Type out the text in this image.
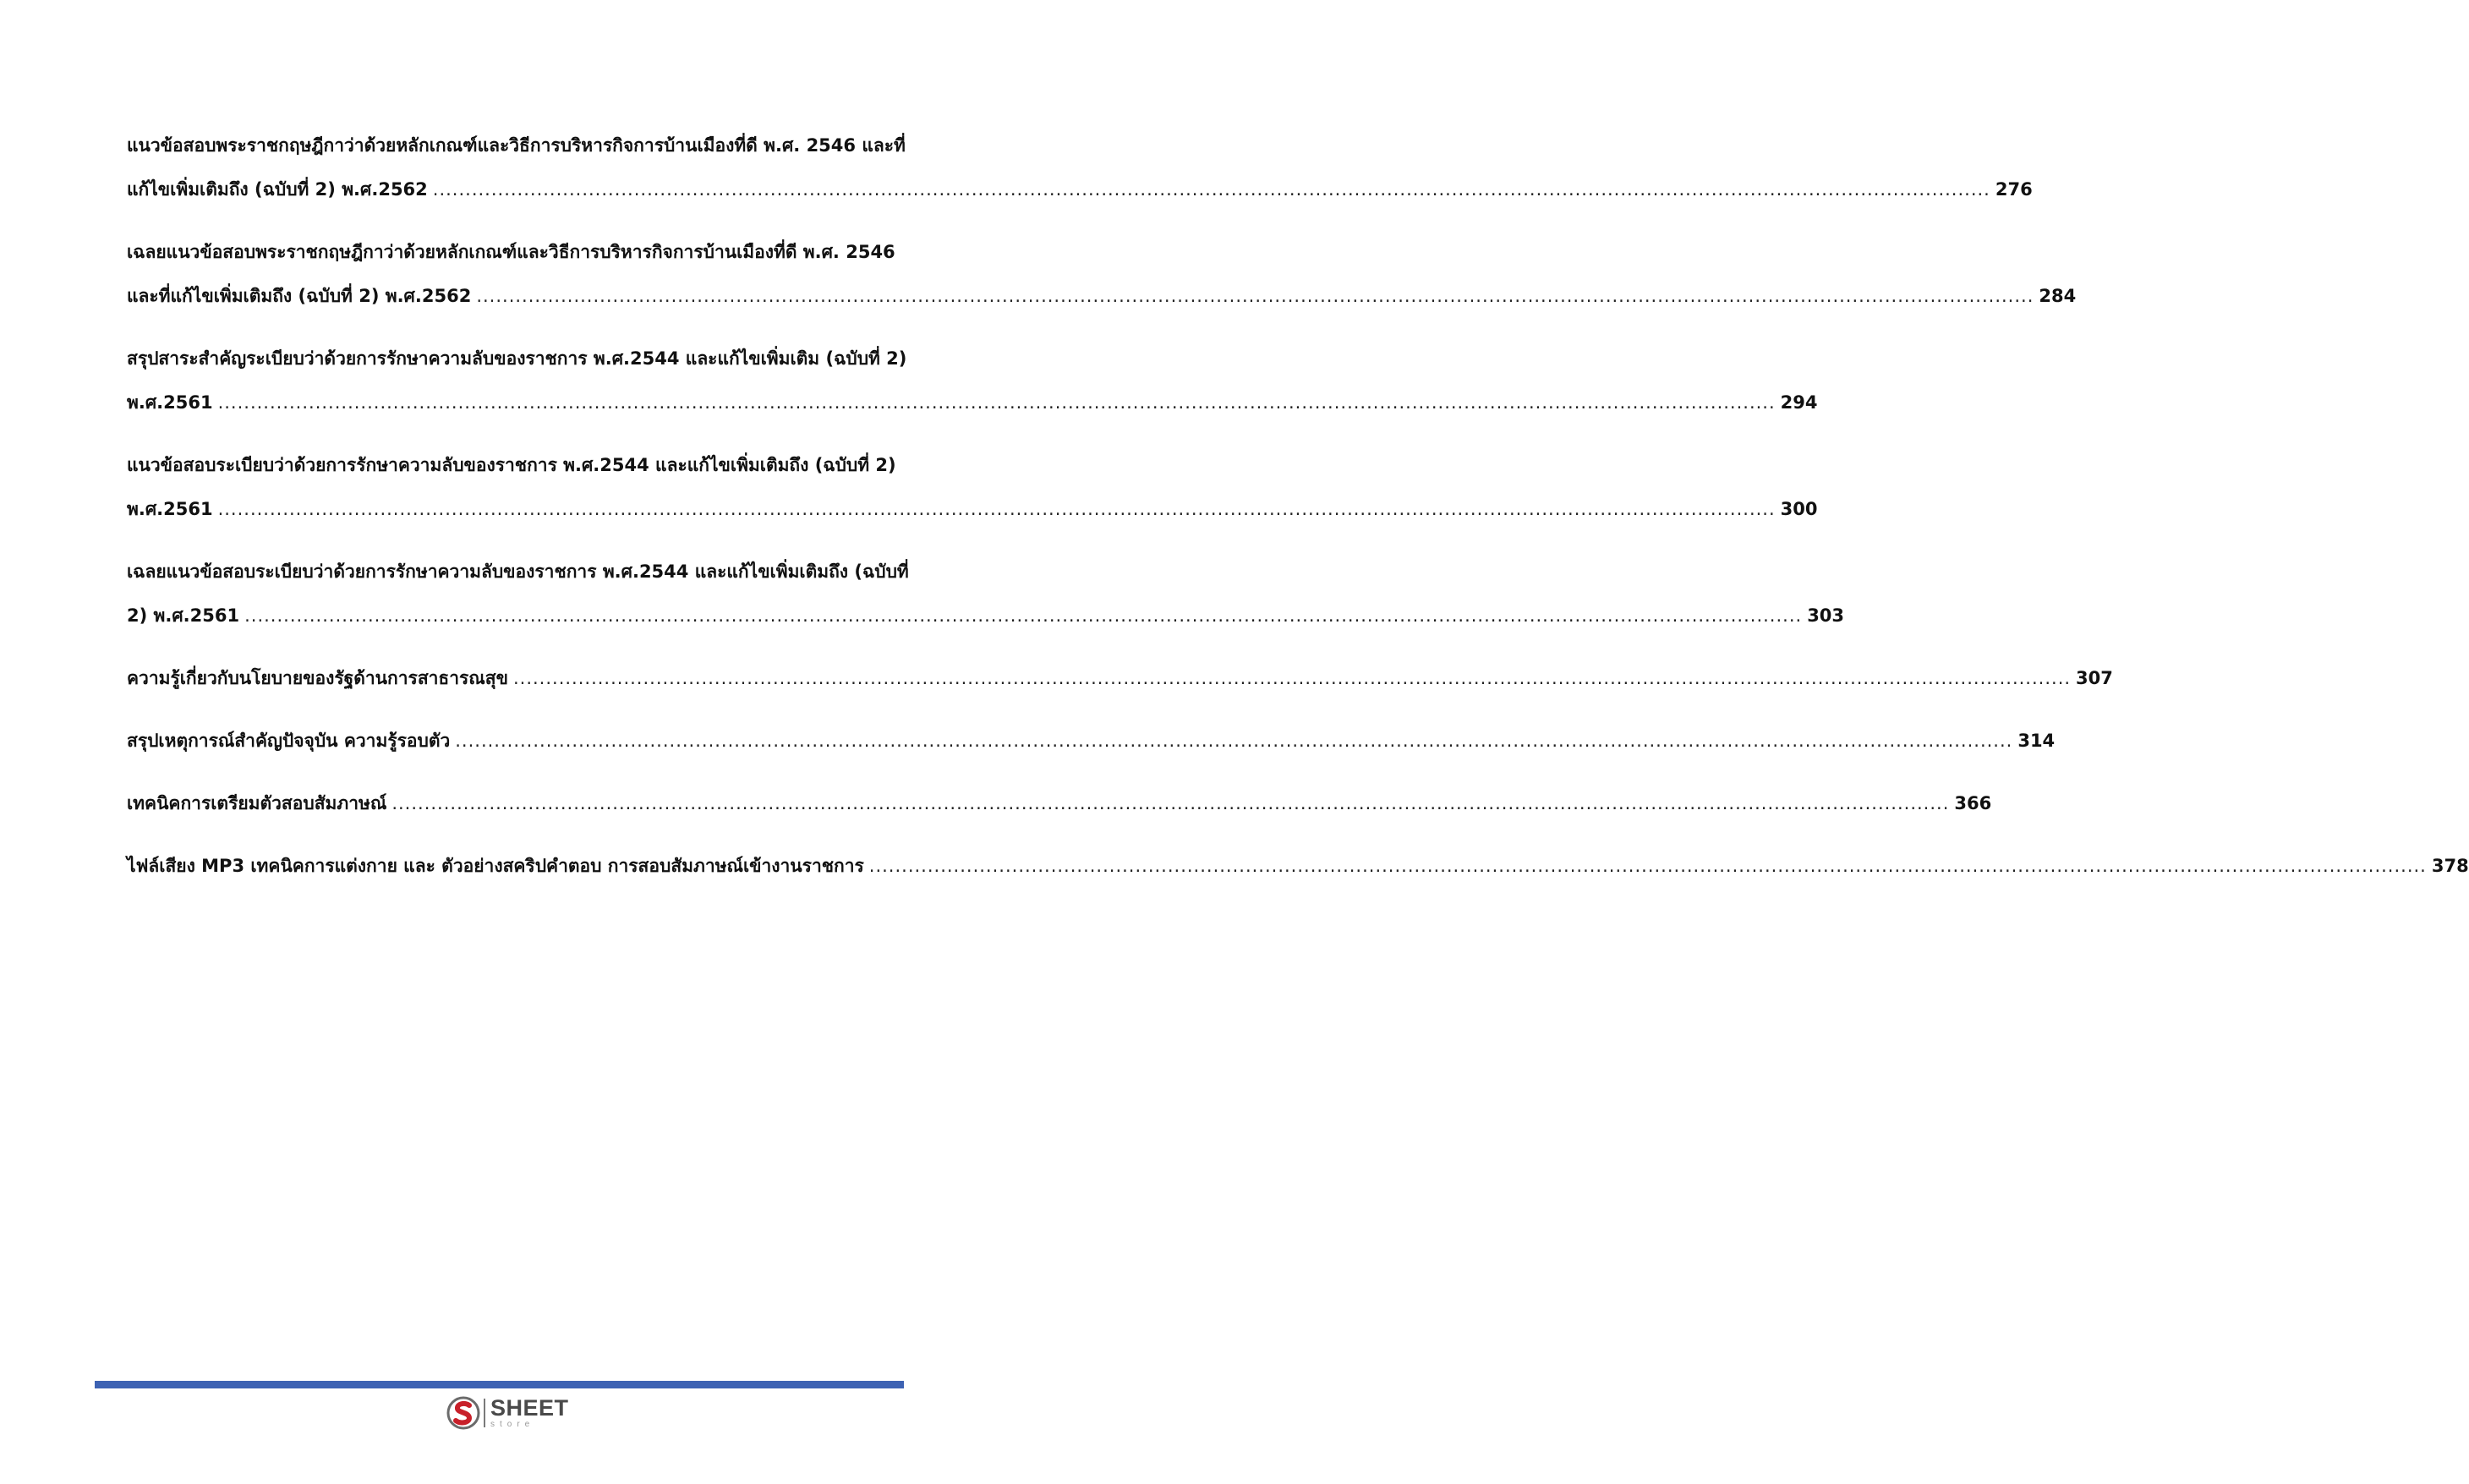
แนวข้อสอบพระราชกฤษฎีกาว่าด้วยหลักเกณฑ์และวิธีการบริหารกิจการบ้านเมืองที่ดี พ.ศ. 2546 และที่
แก้ไขเพิ่มเติมถึง (ฉบับที่ 2) พ.ศ.2562 .....	276
เฉลยแนวข้อสอบพระราชกฤษฎีกาว่าด้วยหลักเกณฑ์และวิธีการบริหารกิจการบ้านเมืองที่ดี พ.ศ. 2546
และที่แก้ไขเพิ่มเติมถึง (ฉบับที่ 2) พ.ศ.2562 .....	284
สรุปสาระสำคัญระเบียบว่าด้วยการรักษาความลับของราชการ พ.ศ.2544 และแก้ไขเพิ่มเติม (ฉบับที่ 2)
พ.ศ.2561 .....	294
แนวข้อสอบระเบียบว่าด้วยการรักษาความลับของราชการ พ.ศ.2544 และแก้ไขเพิ่มเติมถึง (ฉบับที่ 2)
พ.ศ.2561 .....	300
เฉลยแนวข้อสอบระเบียบว่าด้วยการรักษาความลับของราชการ พ.ศ.2544 และแก้ไขเพิ่มเติมถึง (ฉบับที่
2) พ.ศ.2561 .....	303
ความรู้เกี่ยวกับนโยบายของรัฐด้านการสาธารณสุข .....	307
สรุปเหตุการณ์สำคัญปัจจุบัน ความรู้รอบตัว .....	314
เทคนิคการเตรียมตัวสอบสัมภาษณ์ .....	366
ไฟล์เสียง MP3 เทคนิคการแต่งกาย และ ตัวอย่างสคริปคำตอบ การสอบสัมภาษณ์เข้างานราชการ .....	378
SHEET
store
